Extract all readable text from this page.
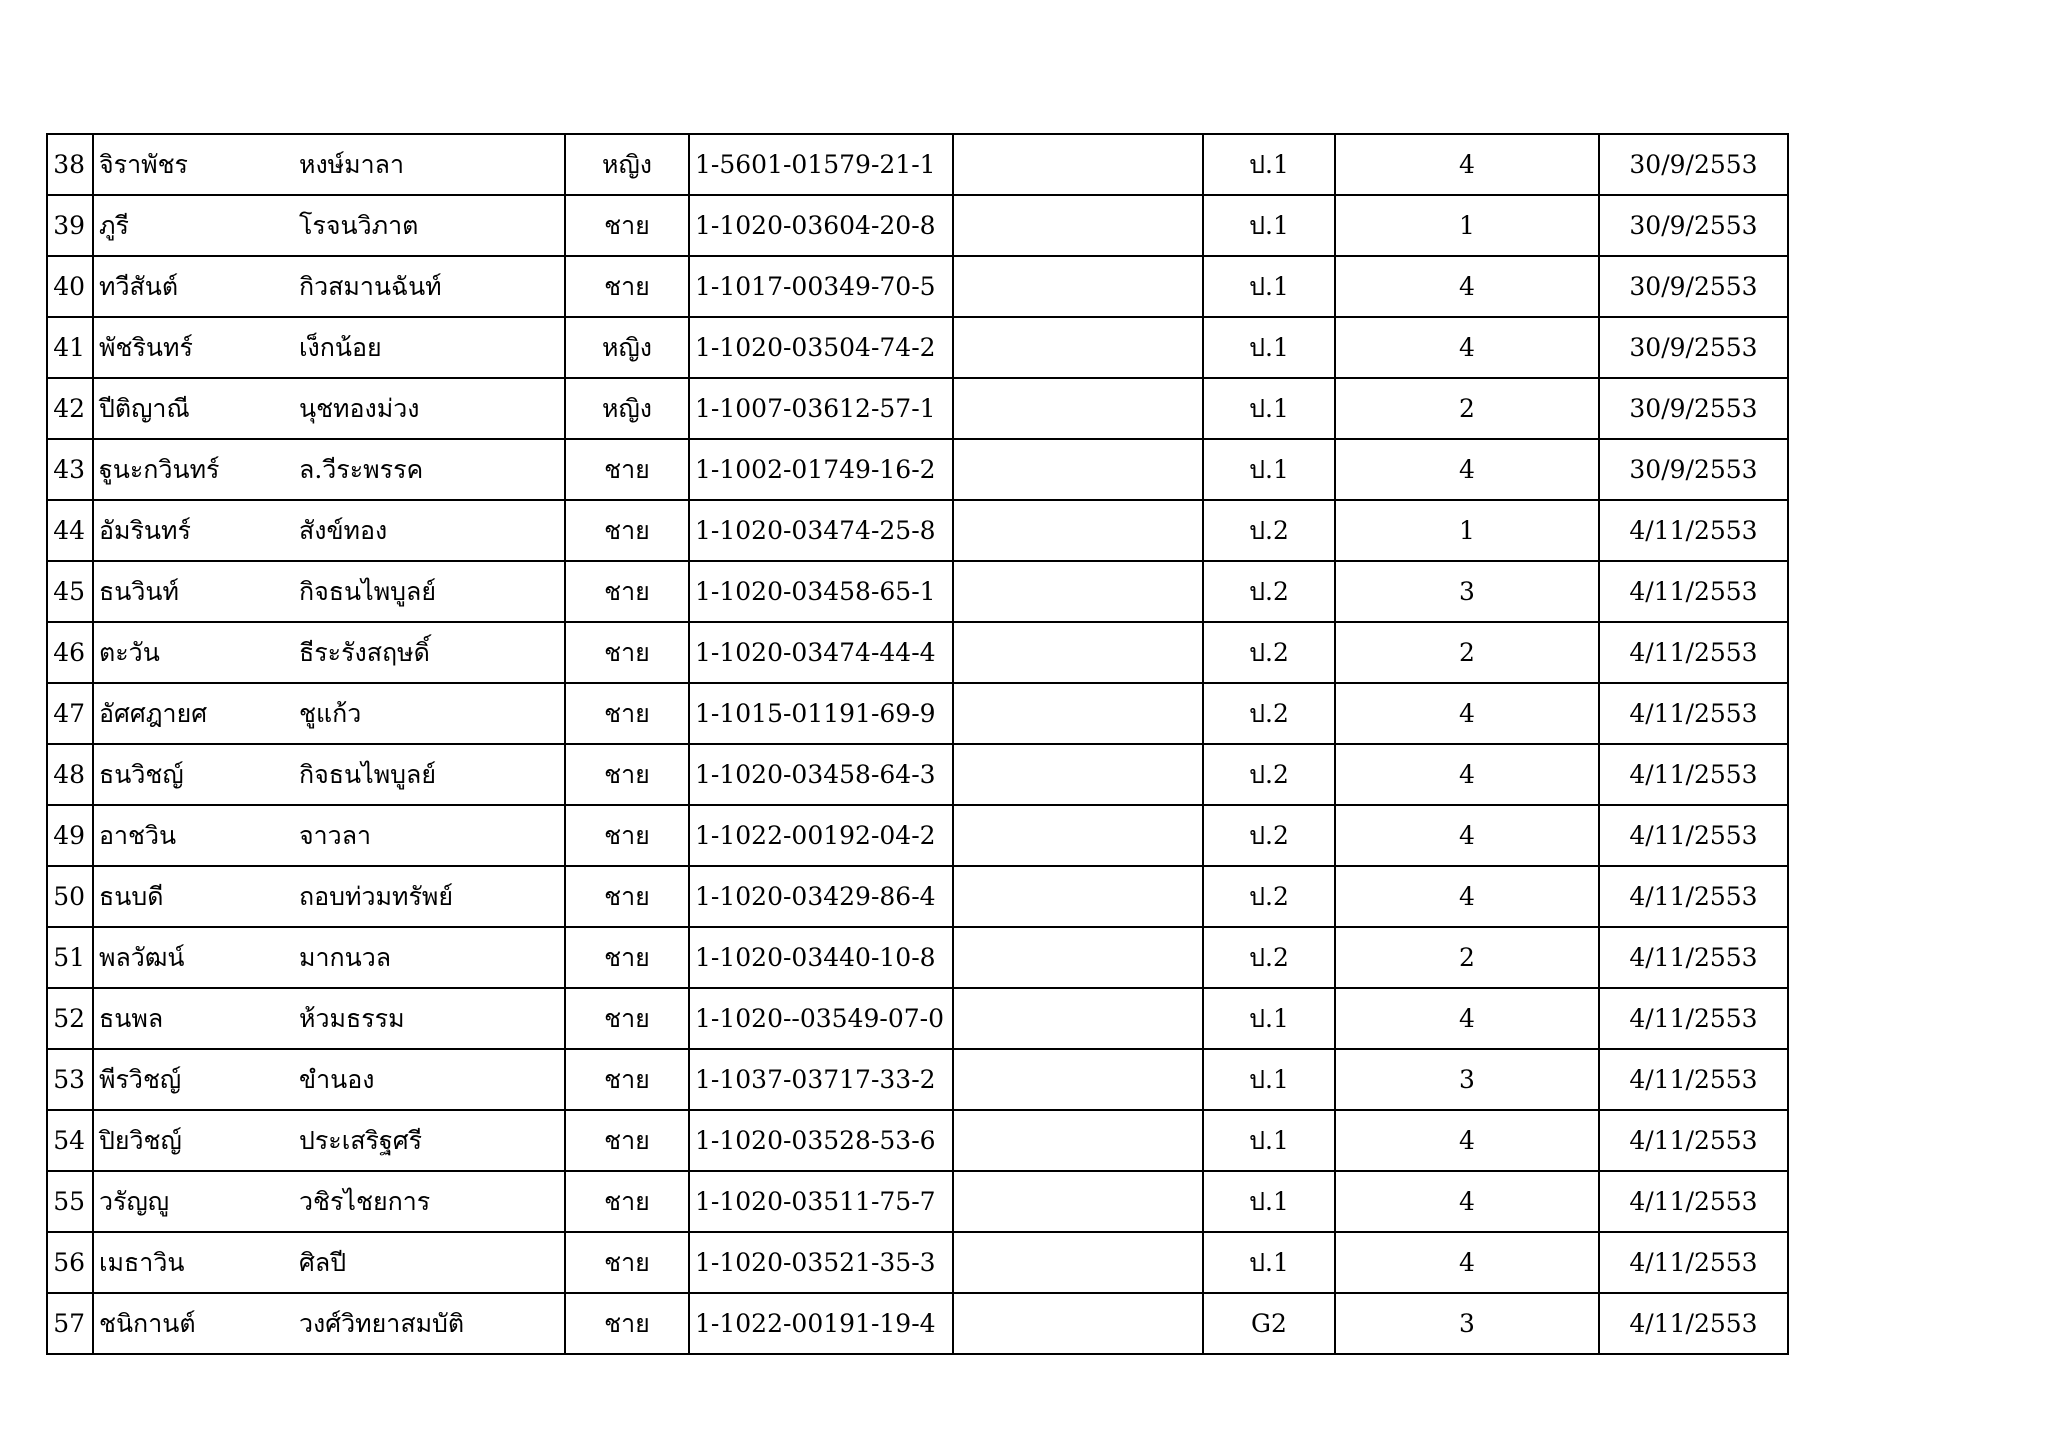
38	จิราพัชร	หงษ์มาลา	หญิง	1-5601-01579-21-1		ป.1	4	30/9/2553
39	ภูรี	โรจนวิภาต	ชาย	1-1020-03604-20-8		ป.1	1	30/9/2553
40	ทวีสันต์	กิวสมานฉันท์	ชาย	1-1017-00349-70-5		ป.1	4	30/9/2553
41	พัชรินทร์	เง็กน้อย	หญิง	1-1020-03504-74-2		ป.1	4	30/9/2553
42	ปีติญาณี	นุชทองม่วง	หญิง	1-1007-03612-57-1		ป.1	2	30/9/2553
43	ฐูนะกวินทร์	ล.วีระพรรค	ชาย	1-1002-01749-16-2		ป.1	4	30/9/2553
44	อัมรินทร์	สังข์ทอง	ชาย	1-1020-03474-25-8		ป.2	1	4/11/2553
45	ธนวินท์	กิจธนไพบูลย์	ชาย	1-1020-03458-65-1		ป.2	3	4/11/2553
46	ตะวัน	ธีระรังสฤษดิ์	ชาย	1-1020-03474-44-4		ป.2	2	4/11/2553
47	อัศศฎายศ	ชูแก้ว	ชาย	1-1015-01191-69-9		ป.2	4	4/11/2553
48	ธนวิชญ์	กิจธนไพบูลย์	ชาย	1-1020-03458-64-3		ป.2	4	4/11/2553
49	อาชวิน	จาวลา	ชาย	1-1022-00192-04-2		ป.2	4	4/11/2553
50	ธนบดี	ถอบท่วมทรัพย์	ชาย	1-1020-03429-86-4		ป.2	4	4/11/2553
51	พลวัฒน์	มากนวล	ชาย	1-1020-03440-10-8		ป.2	2	4/11/2553
52	ธนพล	ห้วมธรรม	ชาย	1-1020--03549-07-0		ป.1	4	4/11/2553
53	พีรวิชญ์	ขำนอง	ชาย	1-1037-03717-33-2		ป.1	3	4/11/2553
54	ปิยวิชญ์	ประเสริฐศรี	ชาย	1-1020-03528-53-6		ป.1	4	4/11/2553
55	วรัญญู	วชิรไชยการ	ชาย	1-1020-03511-75-7		ป.1	4	4/11/2553
56	เมธาวิน	ศิลปี	ชาย	1-1020-03521-35-3		ป.1	4	4/11/2553
57	ชนิกานต์	วงศ์วิทยาสมบัติ	ชาย	1-1022-00191-19-4		G2	3	4/11/2553
